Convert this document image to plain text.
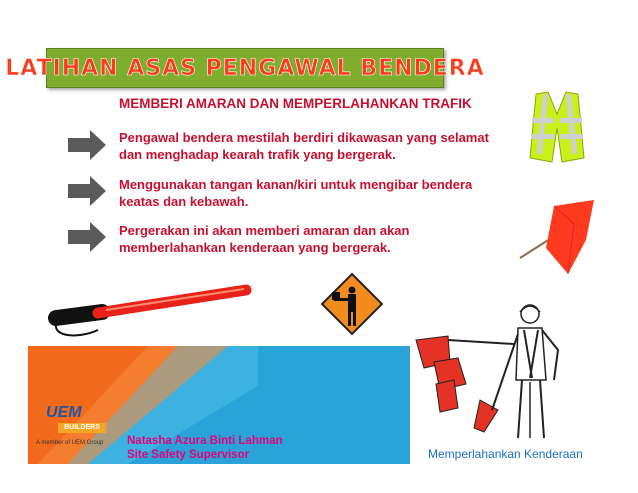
LATIHAN ASAS PENGAWAL BENDERA
MEMBERI AMARAN DAN MEMPERLAHANKAN TRAFIK
Pengawal bendera mestilah berdiri dikawasan yang selamat
dan menghadap kearah trafik yang bergerak.
Menggunakan tangan kanan/kiri untuk mengibar bendera
keatas dan kebawah.
Pergerakan ini akan memberi amaran dan akan
memberlahankan kenderaan yang bergerak.
UEM
BUILDERS
A member of UEM Group Natasha Azura Binti Lahman
Site Safety Supervisor	Memperlahankan Kenderaan
